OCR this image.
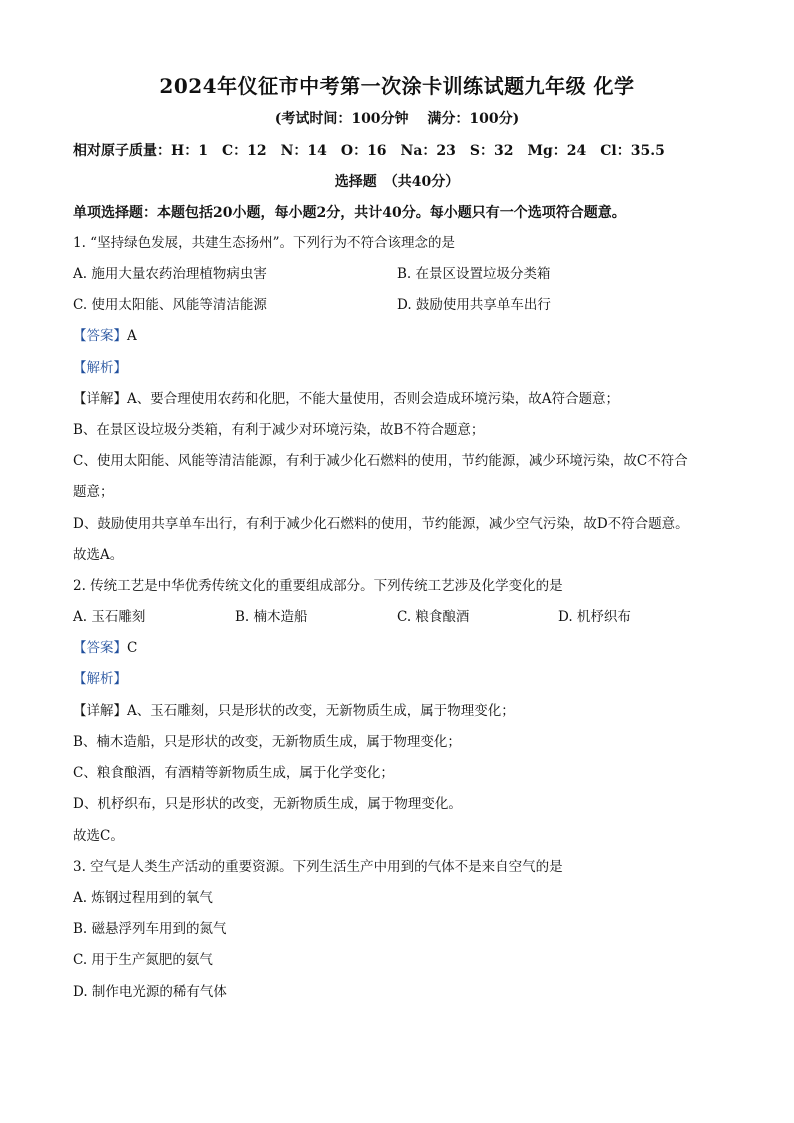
2024年仪征市中考第一次涂卡训练试题九年级 化学
(考试时间：100分钟　 满分：100分)
相对原子质量：H：1　C：12　N：14　O：16　Na：23　S：32　Mg：24　Cl：35.5
选择题　（共40分）
单项选择题：本题包括20小题，每小题2分，共计40分。每小题只有一个选项符合题意。
1. “坚持绿色发展，共建生态扬州”。下列行为不符合该理念的是
A. 施用大量农药治理植物病虫害	B. 在景区设置垃圾分类箱
C. 使用太阳能、风能等清洁能源	D. 鼓励使用共享单车出行
【答案】A
【解析】
【详解】A、要合理使用农药和化肥，不能大量使用，否则会造成环境污染，故A符合题意；
B、在景区设垃圾分类箱，有利于减少对环境污染，故B不符合题意；
C、使用太阳能、风能等清洁能源，有利于减少化石燃料的使用，节约能源，减少环境污染，故C不符合
题意；
D、鼓励使用共享单车出行，有利于减少化石燃料的使用，节约能源，减少空气污染，故D不符合题意。
故选A。
2. 传统工艺是中华优秀传统文化的重要组成部分。下列传统工艺涉及化学变化的是
A. 玉石雕刻	B. 楠木造船	C. 粮食酿酒	D. 机杼织布
【答案】C
【解析】
【详解】A、玉石雕刻，只是形状的改变，无新物质生成，属于物理变化；
B、楠木造船，只是形状的改变，无新物质生成，属于物理变化；
C、粮食酿酒，有酒精等新物质生成，属于化学变化；
D、机杼织布，只是形状的改变，无新物质生成，属于物理变化。
故选C。
3. 空气是人类生产活动的重要资源。下列生活生产中用到的气体不是来自空气的是
A. 炼钢过程用到的氧气
B. 磁悬浮列车用到的氮气
C. 用于生产氮肥的氨气
D. 制作电光源的稀有气体
